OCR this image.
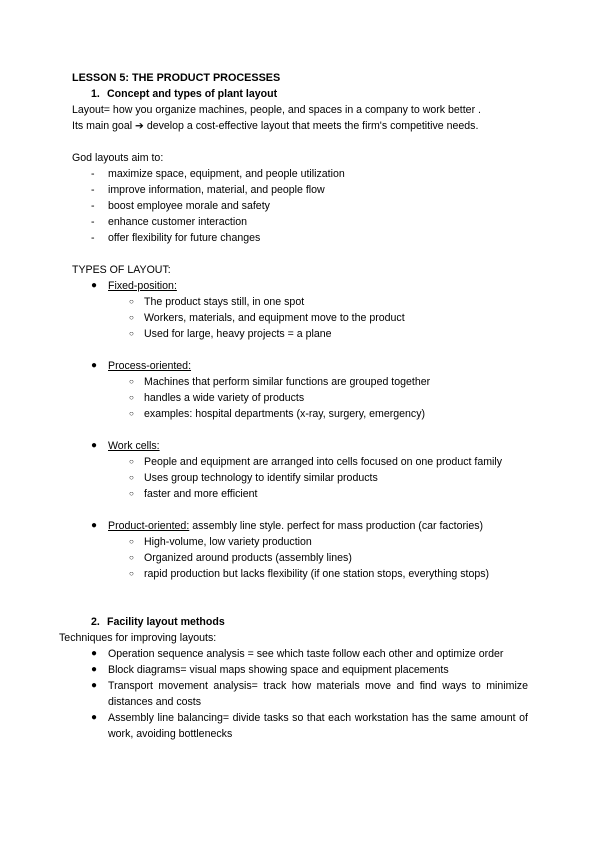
LESSON 5: THE PRODUCT PROCESSES

1. Concept and types of plant layout

Layout= how you organize machines, people, and spaces in a company to work better .

Its main goal ➔ develop a cost-effective layout that meets the firm's competitive needs.

God layouts aim to:

- maximize space, equipment, and people utilization
- improve information, material, and people flow
- boost employee morale and safety
- enhance customer interaction
- offer flexibility for future changes

TYPES OF LAYOUT:

● Fixed-position:
○ The product stays still, in one spot
○ Workers, materials, and equipment move to the product
○ Used for large, heavy projects = a plane
● Process-oriented:
○ Machines that perform similar functions are grouped together
○ handles a wide variety of products
○ examples: hospital departments (x-ray, surgery, emergency)
● Work cells:
○ People and equipment are arranged into cells focused on one product family
○ Uses group technology to identify similar products
○ faster and more efficient
● Product-oriented: assembly line style. perfect for mass production (car factories)
○ High-volume, low variety production
○ Organized around products (assembly lines)
○ rapid production but lacks flexibility (if one station stops, everything stops)

2. Facility layout methods

Techniques for improving layouts:

● Operation sequence analysis = see which taste follow each other and optimize order
● Block diagrams= visual maps showing space and equipment placements
● Transport movement analysis= track how materials move and find ways to minimize distances and costs
● Assembly line balancing= divide tasks so that each workstation has the same amount of work, avoiding bottlenecks
